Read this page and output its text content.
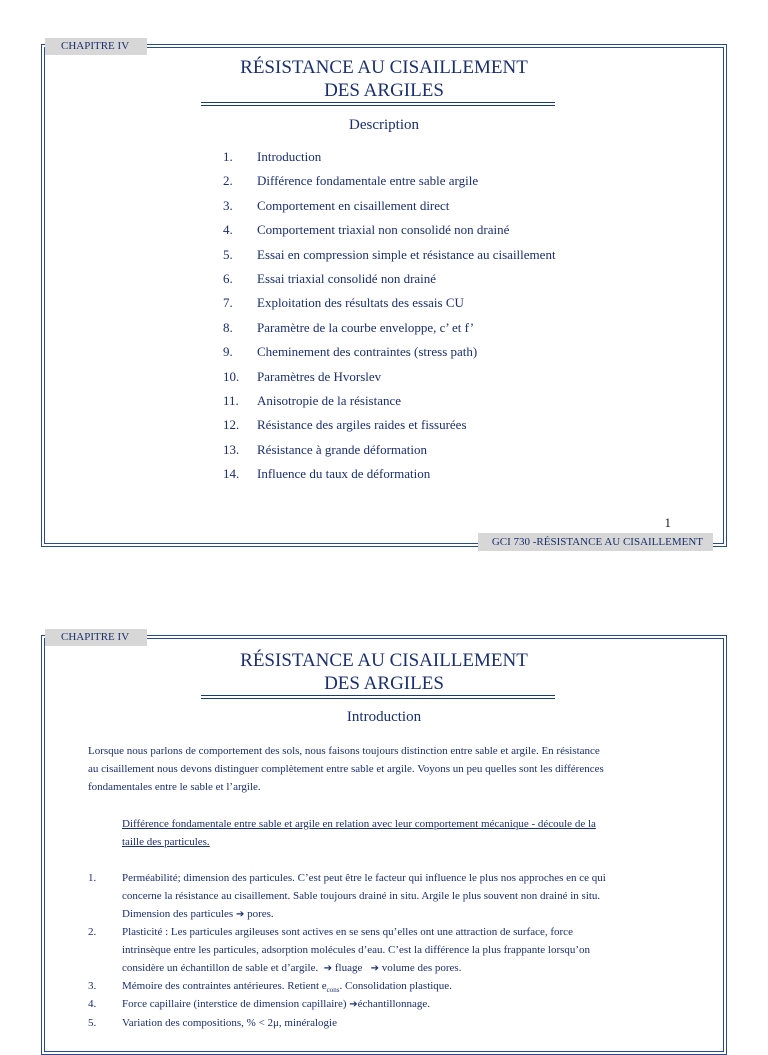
CHAPITRE IV
RÉSISTANCE AU CISAILLEMENT
DES ARGILES
Description
1. Introduction
2. Différence fondamentale entre sable argile
3. Comportement en cisaillement direct
4. Comportement triaxial non consolidé non drainé
5. Essai en compression simple et résistance au cisaillement
6. Essai triaxial consolidé non drainé
7. Exploitation des résultats des essais CU
8. Paramètre de la courbe enveloppe, c’ et f’
9. Cheminement des contraintes (stress path)
10. Paramètres de Hvorslev
11. Anisotropie de la résistance
12. Résistance des argiles raides et fissurées
13. Résistance à grande déformation
14. Influence du taux de déformation
1
GCI 730 -RÉSISTANCE AU CISAILLEMENT
CHAPITRE IV
RÉSISTANCE AU CISAILLEMENT
DES ARGILES
Introduction
Lorsque nous parlons de comportement des sols, nous faisons toujours distinction entre sable et argile. En résistance
au cisaillement nous devons distinguer complètement entre sable et argile. Voyons un peu quelles sont les différences
fondamentales entre le sable et l’argile.
Différence fondamentale entre sable et argile en relation avec leur comportement mécanique - découle de la
taille des particules.
1. Perméabilité; dimension des particules. C’est peut être le facteur qui influence le plus nos approches en ce qui
concerne la résistance au cisaillement. Sable toujours drainé in situ. Argile le plus souvent non drainé in situ.
Dimension des particules ➔ pores.
2. Plasticité : Les particules argileuses sont actives en se sens qu’elles ont une attraction de surface, force
intrinsèque entre les particules, adsorption molécules d’eau. C’est la différence la plus frappante lorsqu’on
considère un échantillon de sable et d’argile. ➔ fluage ➔ volume des pores.
3. Mémoire des contraintes antérieures. Retient $e_{cons}$. Consolidation plastique.
4. Force capillaire (interstice de dimension capillaire) ➔échantillonnage.
5. Variation des compositions, % < 2μ, minéralogie
